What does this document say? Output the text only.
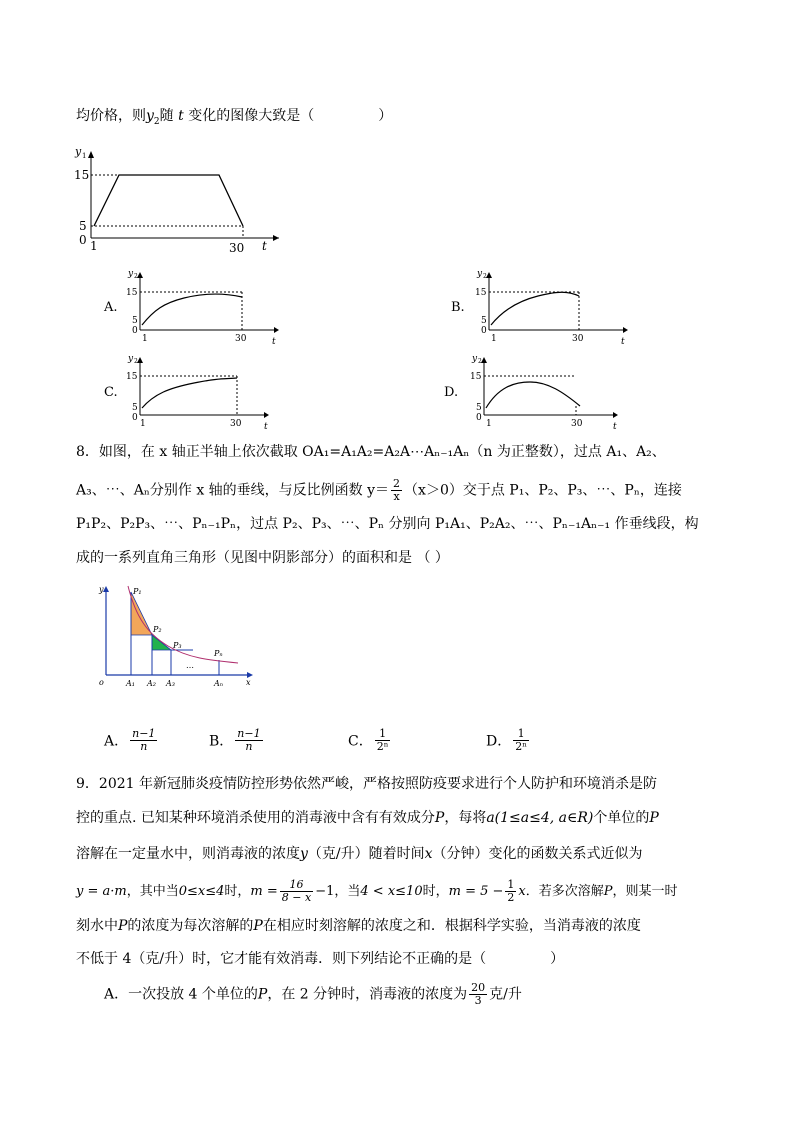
均价格，则$y_2$随 t 变化的图像大致是（	）
y 1
15
5
0 1	30 t
A.
y 2
15
5
0
1	30	t
B.
y 2
15
5
0
1	30	t
C.
y 2
15
5
0
1	30	t
D.
y 2
15
5
0
1	30	t
8．如图，在 x 轴正半轴上依次截取 OA₁=A₁A₂=A₂A⋯Aₙ₋₁Aₙ（n 为正整数），过点 A₁、A₂、
A₃、⋯、Aₙ分别作 x 轴的垂线，与反比例函数 $y= \frac{2}{x} (x>0)$交于点 P₁、P₂、P₃、⋯、Pₙ，连接
P₁P₂、P₂P₃、⋯、Pₙ₋₁Pₙ，过点 P₂、P₃、⋯、Pₙ 分别向 P₁A₁、P₂A₂、⋯、Pₙ₋₁Aₙ₋₁ 作垂线段，构
成的一系列直角三角形（见图中阴影部分）的面积和是 （ ）
P₁
P₂
P₃
Pₙ
…
y
x
o	A₁ A₂ A₃	Aₙ
A． $\frac{n-1}{n}$	B． $\frac{n-1}{n}$	C． $\frac{1}{\text{2ⁿ}}$	D． $\frac{1}{\text{2ⁿ}}$
9．2021 年新冠肺炎疫情防控形势依然严峻，严格按照防疫要求进行个人防护和环境消杀是防
控的重点. 已知某种环境消杀使用的消毒液中含有有效成分P，每将a(1≤a≤4, a∈R)个单位的P
溶解在一定量水中，则消毒液的浓度y（克/升）随着时间x（分钟）变化的函数关系式近似为
y = a·m，其中当0≤x≤4时，$m = \frac{16}{8 - x} -1$，当4 < x≤10时，$m = 5 - \frac{1}{2}$ x．若多次溶解P，则某一时
刻水中P的浓度为每次溶解的P在相应时刻溶解的浓度之和．根据科学实验，当消毒液的浓度
不低于 4（克/升）时，它才能有效消毒．则下列结论不正确的是（	）
A．一次投放 4 个单位的P，在 2 分钟时，消毒液的浓度为 $\frac{20}{3}$ 克/升
